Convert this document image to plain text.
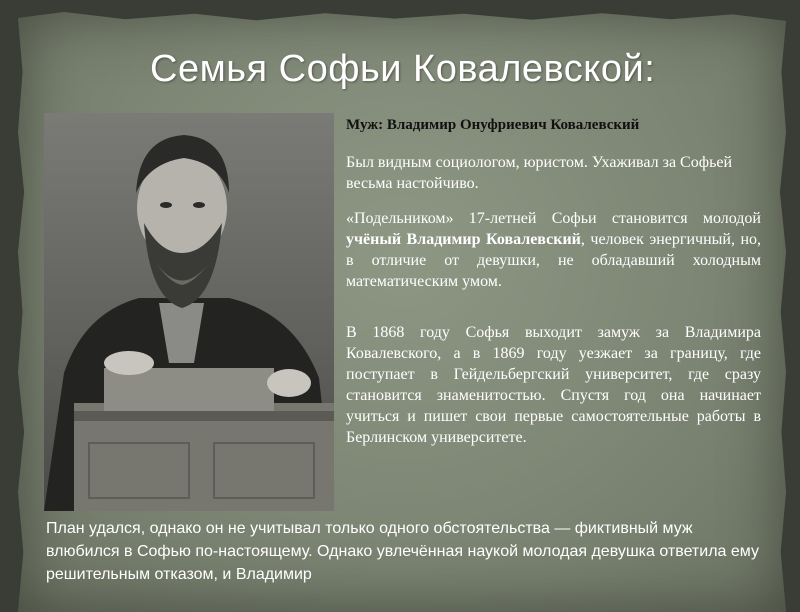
Семья Софьи Ковалевской:
Муж: Владимир Онуфриевич Ковалевский
Был видным социологом, юристом. Ухаживал за Софьей весьма настойчиво.
«Подельником» 17-летней Софьи становится молодой учёный Владимир Ковалевский, человек энергичный, но, в отличие от девушки, не обладавший холодным математическим умом.
В 1868 году Софья выходит замуж за Владимира Ковалевского, а в 1869 году уезжает за границу, где поступает в Гейдельбергский университет, где сразу становится знаменитостью. Спустя год она начинает учиться и пишет свои первые самостоятельные работы в Берлинском университете.
План удался, однако он не учитывал только одного обстоятельства — фиктивный муж влюбился в Софью по-настоящему. Однако увлечённая наукой молодая девушка ответила ему решительным отказом, и Владимир
